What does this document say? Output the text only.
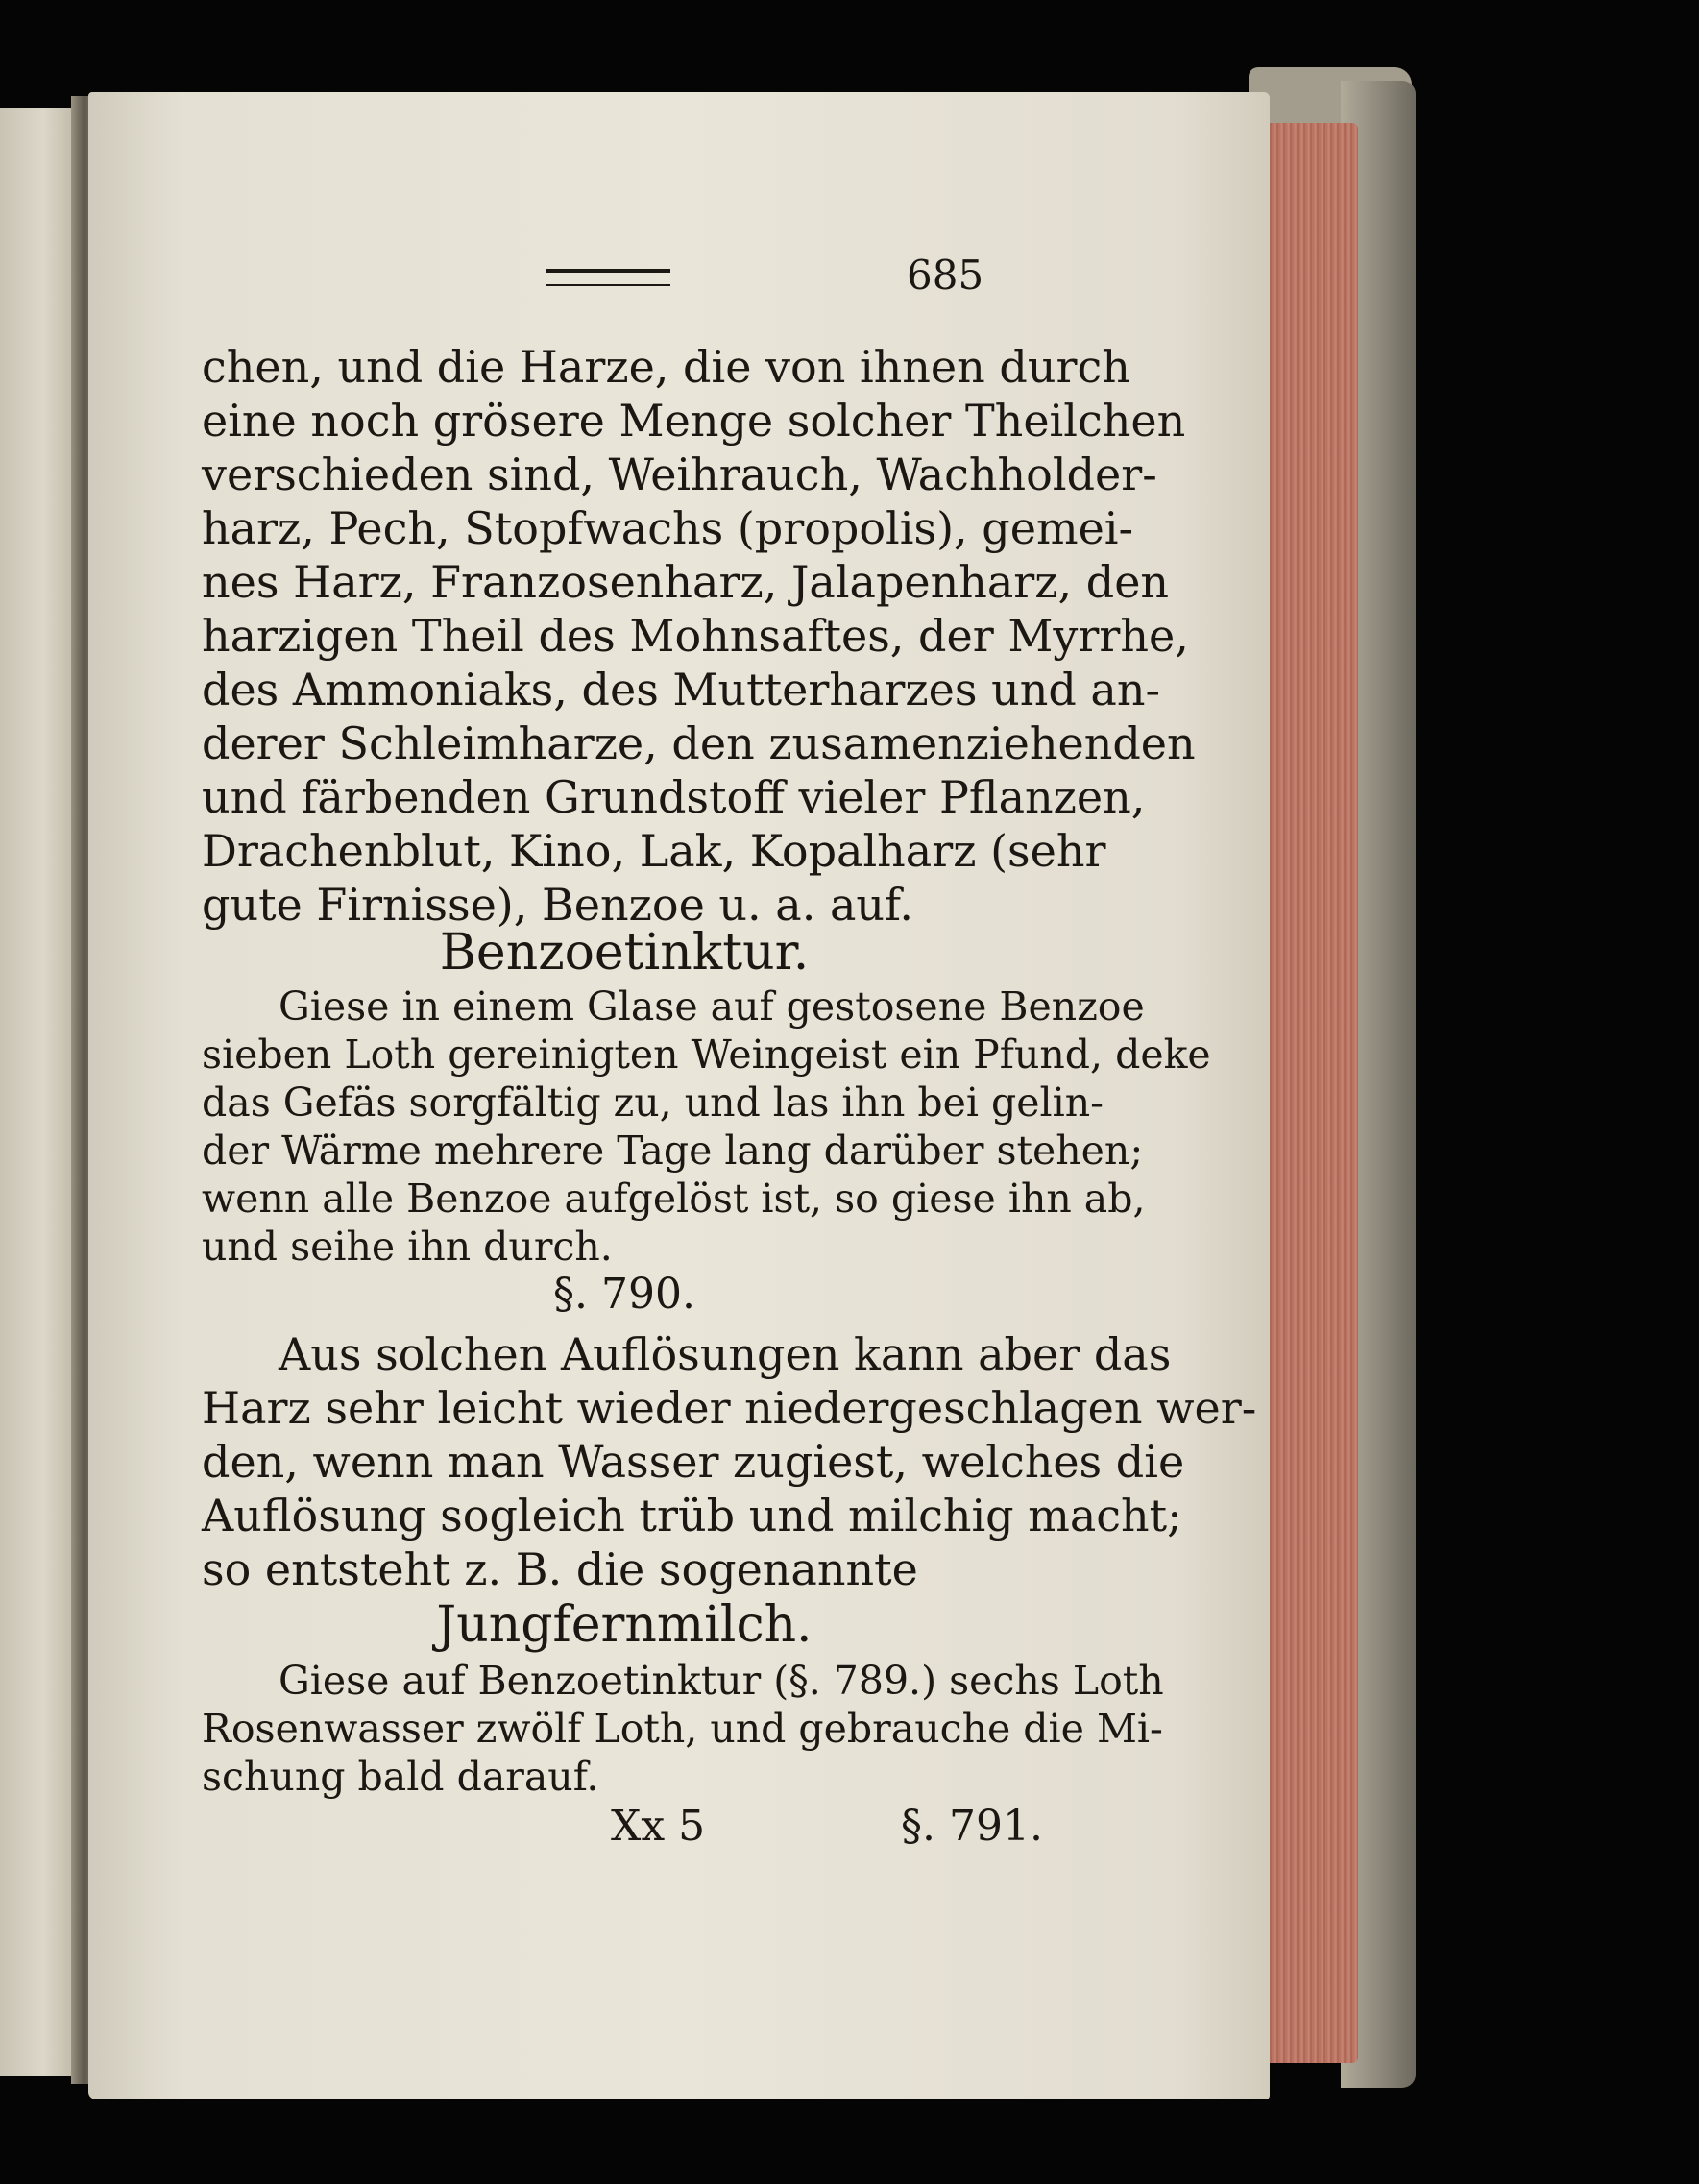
685
chen, und die Harze, die von ihnen durch
eine noch grösere Menge solcher Theilchen
verschieden sind, Weihrauch, Wachholder-
harz, Pech, Stopfwachs (propolis), gemei-
nes Harz, Franzosenharz, Jalapenharz, den
harzigen Theil des Mohnsaftes, der Myrrhe,
des Ammoniaks, des Mutterharzes und an-
derer Schleimharze, den zusamenziehenden
und färbenden Grundstoff vieler Pflanzen,
Drachenblut, Kino, Lak, Kopalharz (sehr
gute Firnisse), Benzoe u. a. auf.
Benzoetinktur.
Giese in einem Glase auf gestosene Benzoe
sieben Loth gereinigten Weingeist ein Pfund, deke
das Gefäs sorgfältig zu, und las ihn bei gelin-
der Wärme mehrere Tage lang darüber stehen;
wenn alle Benzoe aufgelöst ist, so giese ihn ab,
und seihe ihn durch.
§. 790.
Aus solchen Auflösungen kann aber das
Harz sehr leicht wieder niedergeschlagen wer-
den, wenn man Wasser zugiest, welches die
Auflösung sogleich trüb und milchig macht;
so entsteht z. B. die sogenannte
Jungfernmilch.
Giese auf Benzoetinktur (§. 789.) sechs Loth
Rosenwasser zwölf Loth, und gebrauche die Mi-
schung bald darauf.
Xx 5	§. 791.
